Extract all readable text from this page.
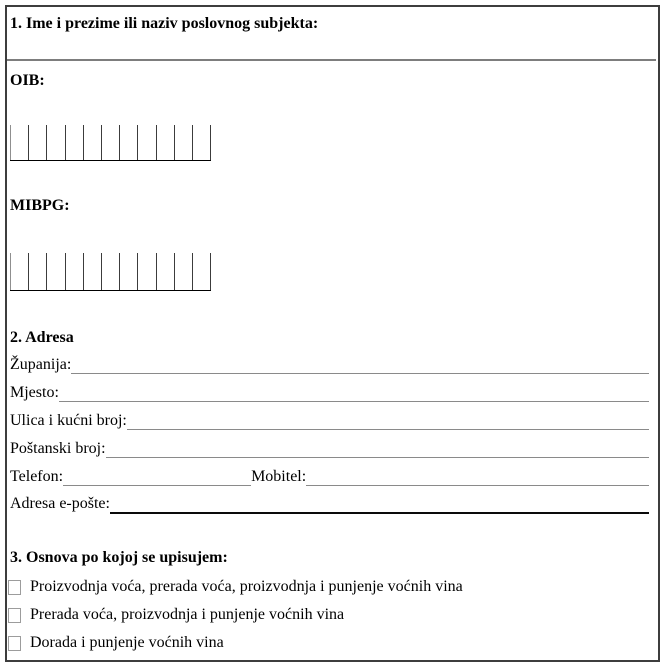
1. Ime i prezime ili naziv poslovnog subjekta:
OIB:
MIBPG:
2. Adresa
Županija:
Mjesto:
Ulica i kućni broj:
Poštanski broj:
Telefon:	Mobitel:
Adresa e-pošte:
3. Osnova po kojoj se upisujem:
Proizvodnja voća, prerada voća, proizvodnja i punjenje voćnih vina
Prerada voća, proizvodnja i punjenje voćnih vina
Dorada i punjenje voćnih vina
